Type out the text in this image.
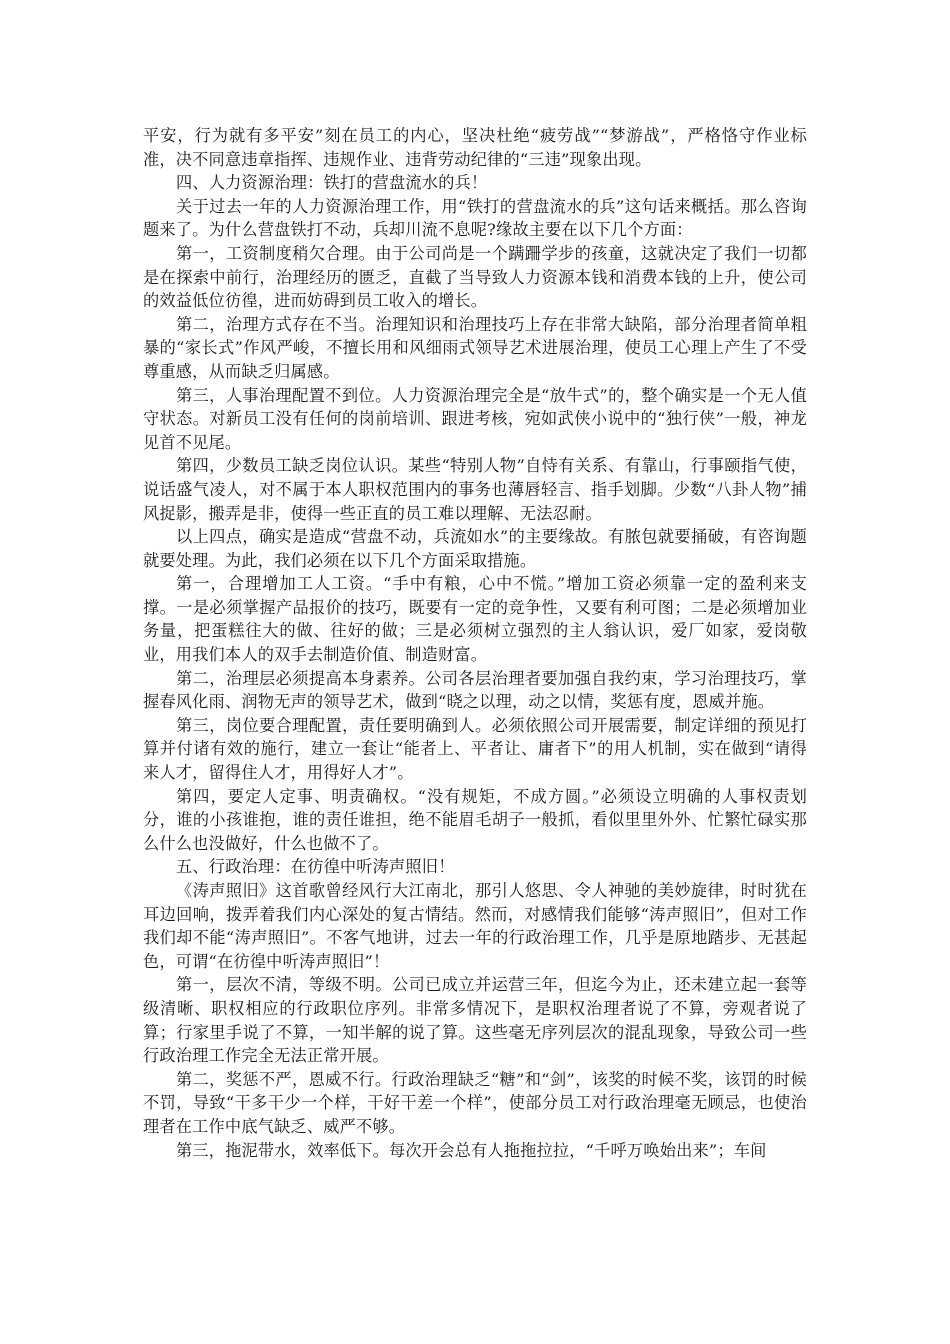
平安，行为就有多平安”刻在员工的内心，坚决杜绝“疲劳战”“梦游战”，严格恪守作业标准，决不同意违章指挥、违规作业、违背劳动纪律的“三违”现象出现。

四、人力资源治理：铁打的营盘流水的兵！

关于过去一年的人力资源治理工作，用“铁打的营盘流水的兵”这句话来概括。那么咨询题来了。为什么营盘铁打不动，兵却川流不息呢?缘故主要在以下几个方面：

第一，工资制度稍欠合理。由于公司尚是一个蹒跚学步的孩童，这就决定了我们一切都是在探索中前行，治理经历的匮乏，直截了当导致人力资源本钱和消费本钱的上升，使公司的效益低位彷徨，进而妨碍到员工收入的增长。

第二，治理方式存在不当。治理知识和治理技巧上存在非常大缺陷，部分治理者简单粗暴的“家长式”作风严峻，不擅长用和风细雨式领导艺术进展治理，使员工心理上产生了不受尊重感，从而缺乏归属感。

第三，人事治理配置不到位。人力资源治理完全是“放牛式”的，整个确实是一个无人值守状态。对新员工没有任何的岗前培训、跟进考核，宛如武侠小说中的“独行侠”一般，神龙见首不见尾。

第四，少数员工缺乏岗位认识。某些“特别人物”自恃有关系、有靠山，行事颐指气使，说话盛气凌人，对不属于本人职权范围内的事务也薄唇轻言、指手划脚。少数“八卦人物”捕风捉影，搬弄是非，使得一些正直的员工难以理解、无法忍耐。

以上四点，确实是造成“营盘不动，兵流如水”的主要缘故。有脓包就要捅破，有咨询题就要处理。为此，我们必须在以下几个方面采取措施。

第一，合理增加工人工资。“手中有粮，心中不慌。”增加工资必须靠一定的盈利来支撑。一是必须掌握产品报价的技巧，既要有一定的竞争性，又要有利可图；二是必须增加业务量，把蛋糕往大的做、往好的做；三是必须树立强烈的主人翁认识，爱厂如家，爱岗敬业，用我们本人的双手去制造价值、制造财富。

第二，治理层必须提高本身素养。公司各层治理者要加强自我约束，学习治理技巧，掌握春风化雨、润物无声的领导艺术，做到“晓之以理，动之以情，奖惩有度，恩威并施。

第三，岗位要合理配置，责任要明确到人。必须依照公司开展需要，制定详细的预见打算并付诸有效的施行，建立一套让“能者上、平者让、庸者下”的用人机制，实在做到“请得来人才，留得住人才，用得好人才”。

第四，要定人定事、明责确权。“没有规矩，不成方圆。”必须设立明确的人事权责划分，谁的小孩谁抱，谁的责任谁担，绝不能眉毛胡子一般抓，看似里里外外、忙繁忙碌实那么什么也没做好，什么也做不了。

五、行政治理：在彷徨中听涛声照旧！

《涛声照旧》这首歌曾经风行大江南北，那引人悠思、令人神驰的美妙旋律，时时犹在耳边回响，拨弄着我们内心深处的复古情结。然而，对感情我们能够“涛声照旧”，但对工作我们却不能“涛声照旧”。不客气地讲，过去一年的行政治理工作，几乎是原地踏步、无甚起色，可谓“在彷徨中听涛声照旧”！

第一，层次不清，等级不明。公司已成立并运营三年，但迄今为止，还未建立起一套等级清晰、职权相应的行政职位序列。非常多情况下，是职权治理者说了不算，旁观者说了算；行家里手说了不算，一知半解的说了算。这些毫无序列层次的混乱现象，导致公司一些行政治理工作完全无法正常开展。

第二，奖惩不严，恩威不行。行政治理缺乏“糖”和“剑”，该奖的时候不奖，该罚的时候不罚，导致“干多干少一个样，干好干差一个样”，使部分员工对行政治理毫无顾忌，也使治理者在工作中底气缺乏、威严不够。

第三，拖泥带水，效率低下。每次开会总有人拖拖拉拉，“千呼万唤始出来”；车间
